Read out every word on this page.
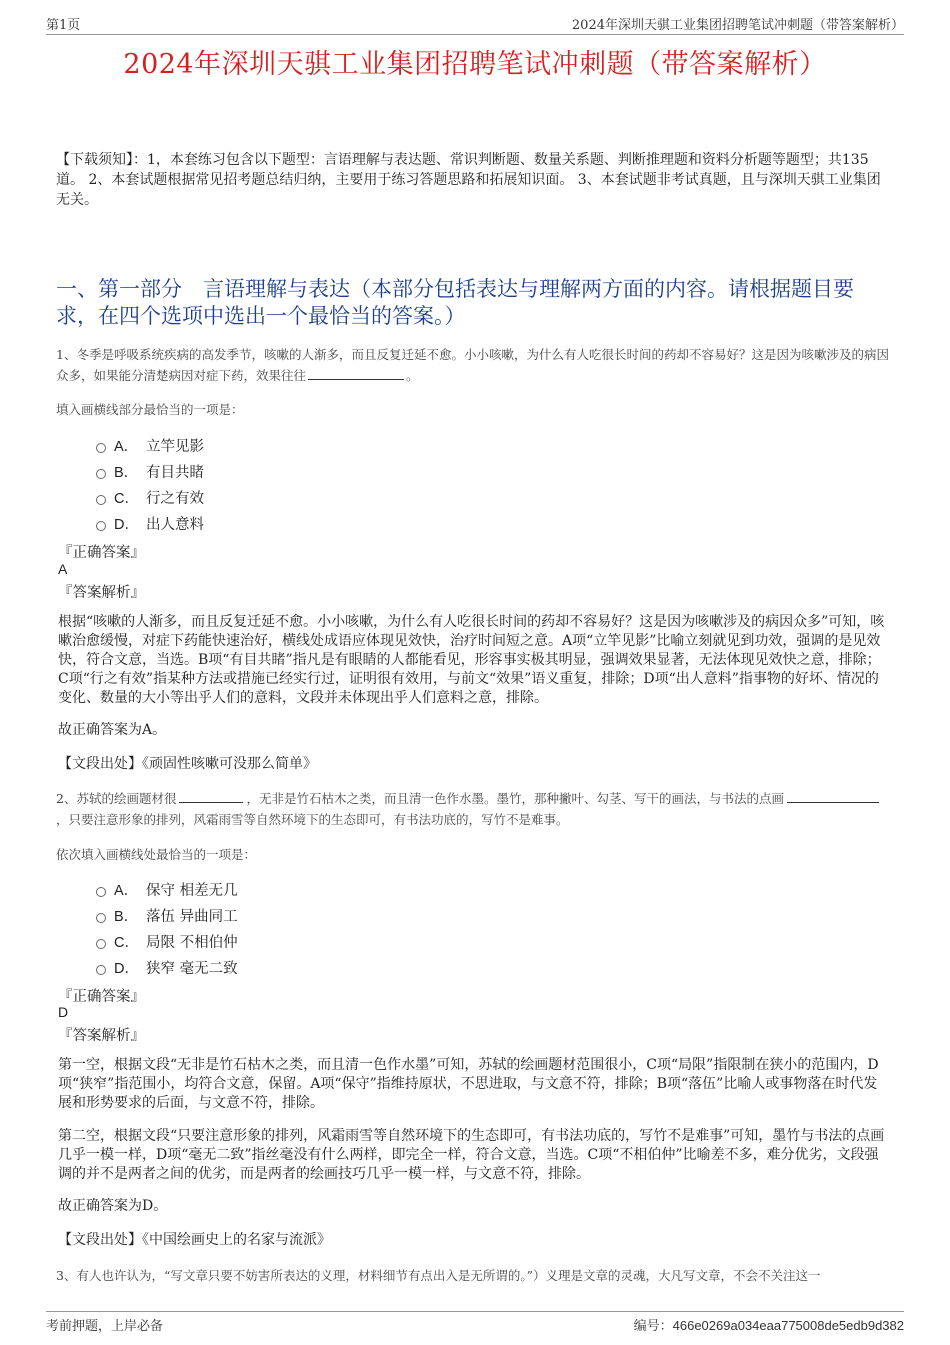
第1页	2024年深圳天骐工业集团招聘笔试冲刺题（带答案解析）
2024年深圳天骐工业集团招聘笔试冲刺题（带答案解析）
【下载须知】：1，本套练习包含以下题型：言语理解与表达题、常识判断题、数量关系题、判断推理题和资料分析题等题型；共135道。 2、本套试题根据常见招考题总结归纳，主要用于练习答题思路和拓展知识面。 3、本套试题非考试真题，且与深圳天骐工业集团无关。
一、第一部分　言语理解与表达（本部分包括表达与理解两方面的内容。请根据题目要求，在四个选项中选出一个最恰当的答案。）
1、冬季是呼吸系统疾病的高发季节，咳嗽的人渐多，而且反复迁延不愈。小小咳嗽，为什么有人吃很长时间的药却不容易好？这是因为咳嗽涉及的病因众多，如果能分清楚病因对症下药，效果往往	。
填入画横线部分最恰当的一项是：
A． 立竿见影
B． 有目共睹
C． 行之有效
D． 出人意料
『正确答案』
A
『答案解析』
根据“咳嗽的人渐多，而且反复迁延不愈。小小咳嗽，为什么有人吃很长时间的药却不容易好？这是因为咳嗽涉及的病因众多”可知，咳嗽治愈缓慢，对症下药能快速治好，横线处成语应体现见效快，治疗时间短之意。A项“立竿见影”比喻立刻就见到功效，强调的是见效快，符合文意，当选。B项“有目共睹”指凡是有眼睛的人都能看见，形容事实极其明显，强调效果显著，无法体现见效快之意，排除；C项“行之有效”指某种方法或措施已经实行过，证明很有效用，与前文“效果”语义重复，排除；D项“出人意料”指事物的好坏、情况的变化、数量的大小等出乎人们的意料，文段并未体现出乎人们意料之意，排除。
故正确答案为A。
【文段出处】《顽固性咳嗽可没那么简单》
2、苏轼的绘画题材很	，无非是竹石枯木之类，而且清一色作水墨。墨竹，那种撇叶、勾茎、写干的画法，与书法的点画，只要注意形象的排列，风霜雨雪等自然环境下的生态即可，有书法功底的，写竹不是难事。
依次填入画横线处最恰当的一项是：
A． 保守 相差无几
B． 落伍 异曲同工
C． 局限 不相伯仲
D． 狭窄 毫无二致
『正确答案』
D
『答案解析』
第一空，根据文段“无非是竹石枯木之类，而且清一色作水墨”可知，苏轼的绘画题材范围很小，C项“局限”指限制在狭小的范围内，D项“狭窄”指范围小，均符合文意，保留。A项“保守”指维持原状，不思进取，与文意不符，排除；B项“落伍”比喻人或事物落在时代发展和形势要求的后面，与文意不符，排除。
第二空，根据文段“只要注意形象的排列，风霜雨雪等自然环境下的生态即可，有书法功底的，写竹不是难事”可知，墨竹与书法的点画几乎一模一样，D项“毫无二致”指丝毫没有什么两样，即完全一样，符合文意，当选。C项“不相伯仲”比喻差不多，难分优劣，文段强调的并不是两者之间的优劣，而是两者的绘画技巧几乎一模一样，与文意不符，排除。
故正确答案为D。
【文段出处】《中国绘画史上的名家与流派》
3、有人也许认为，“写文章只要不妨害所表达的义理，材料细节有点出入是无所谓的。”）义理是文章的灵魂，大凡写文章，不会不关注这一
考前押题，上岸必备	编号：466e0269a034eaa775008de5edb9d382
